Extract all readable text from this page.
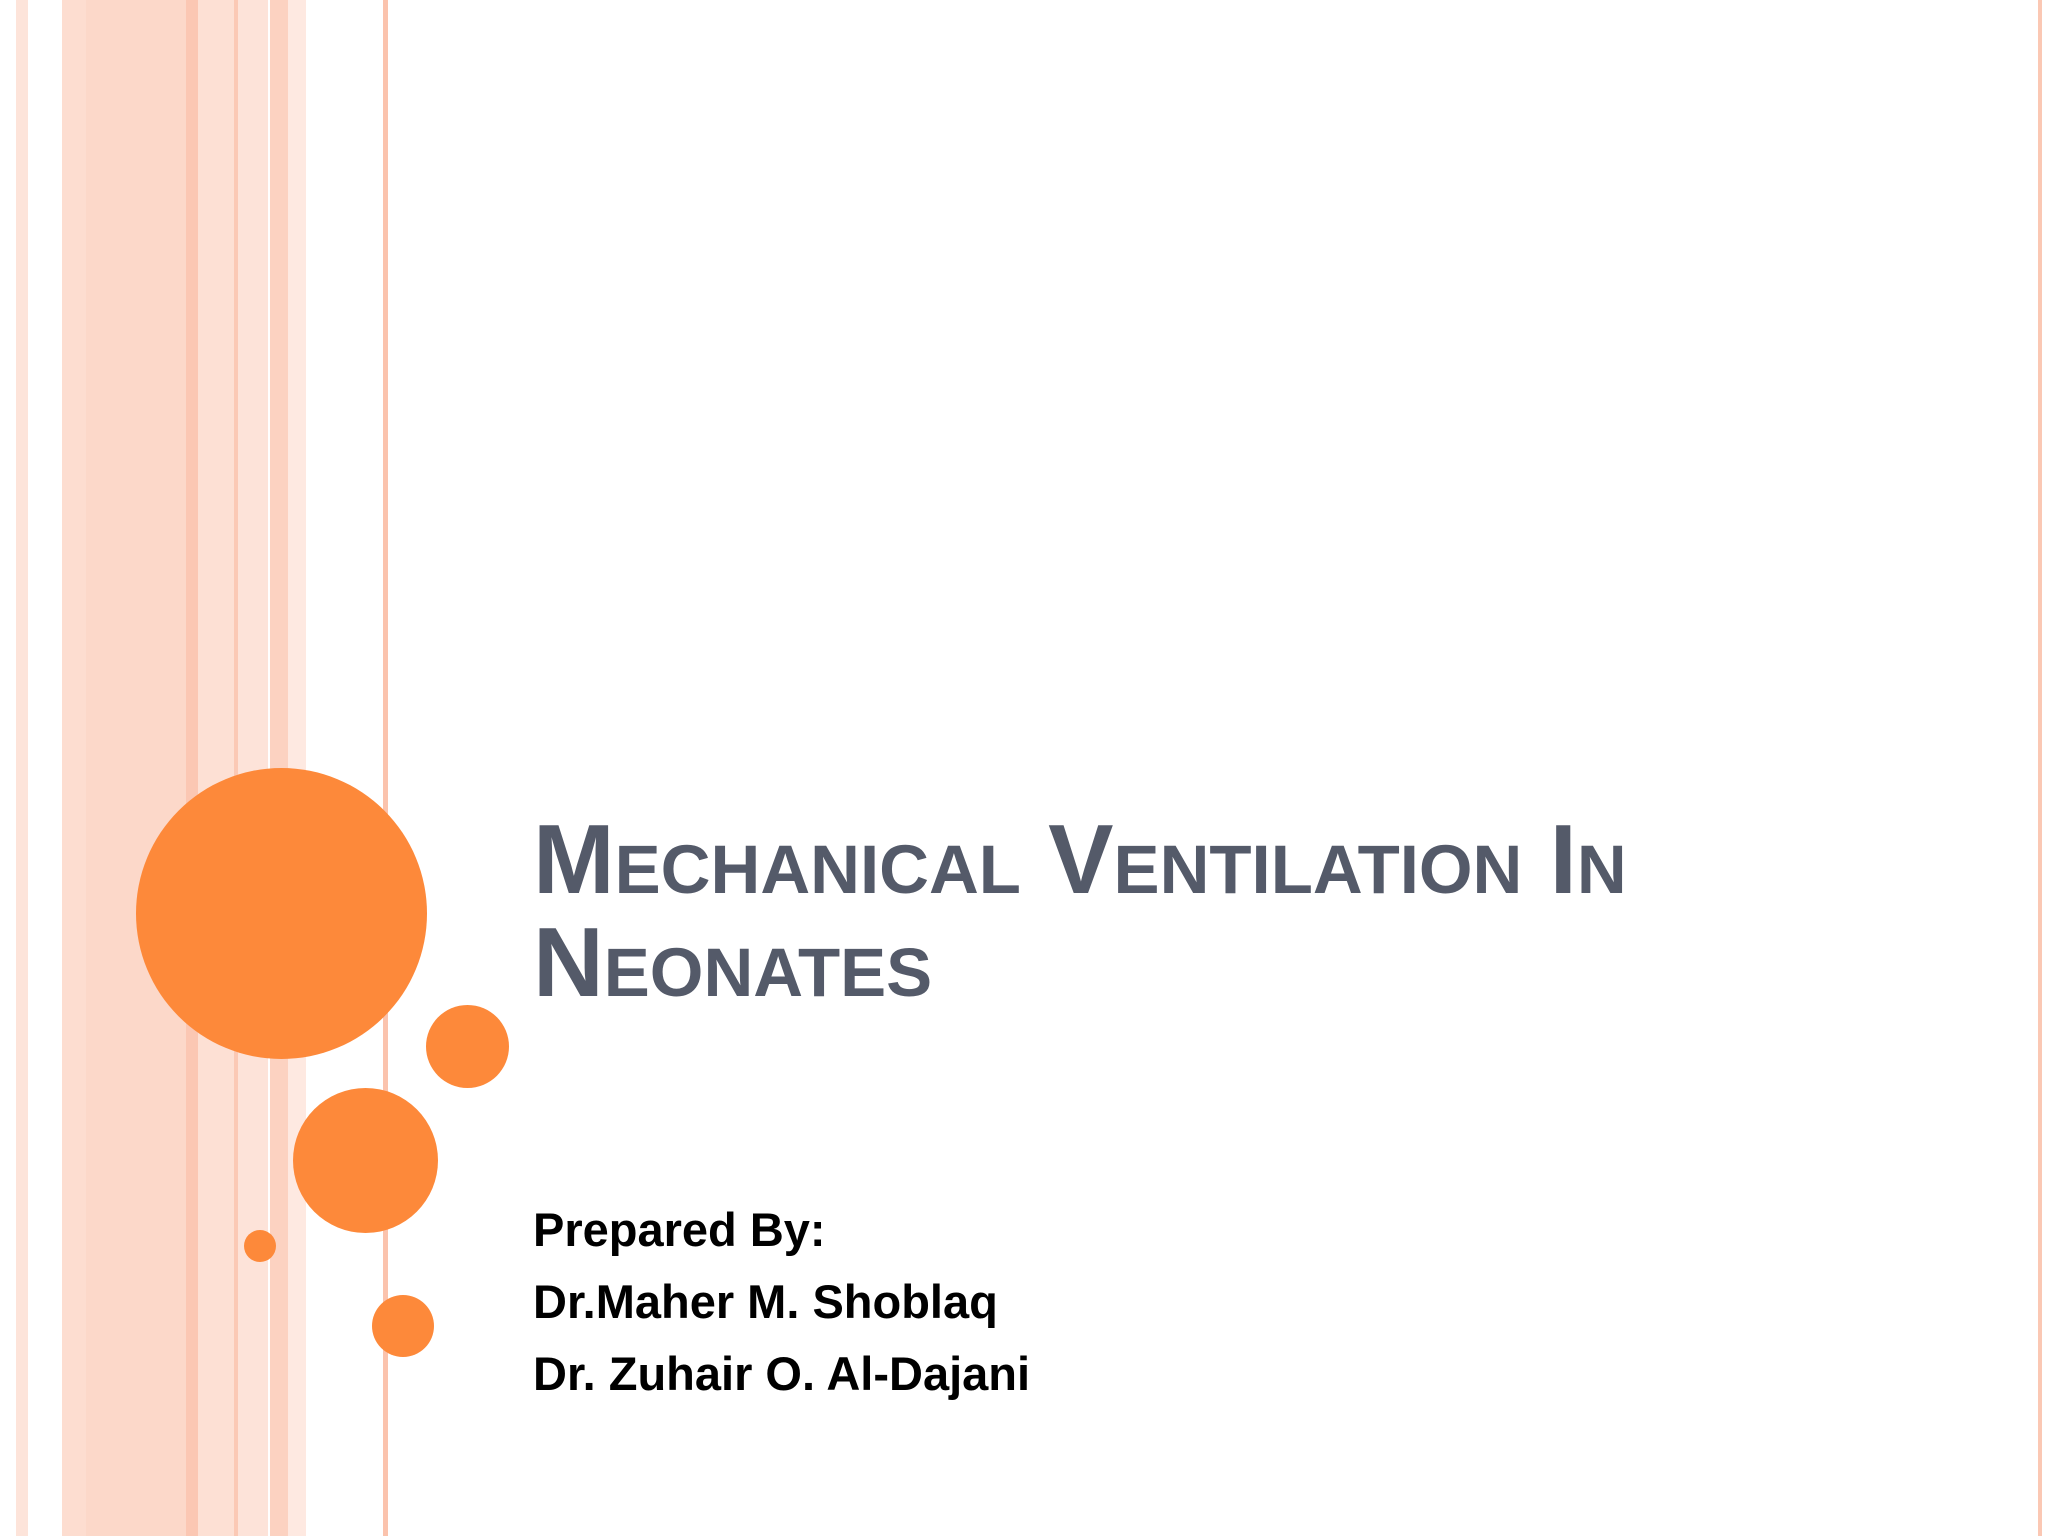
Mechanical Ventilation In
Neonates
Prepared By:
Dr.Maher M. Shoblaq
Dr. Zuhair O. Al-Dajani
